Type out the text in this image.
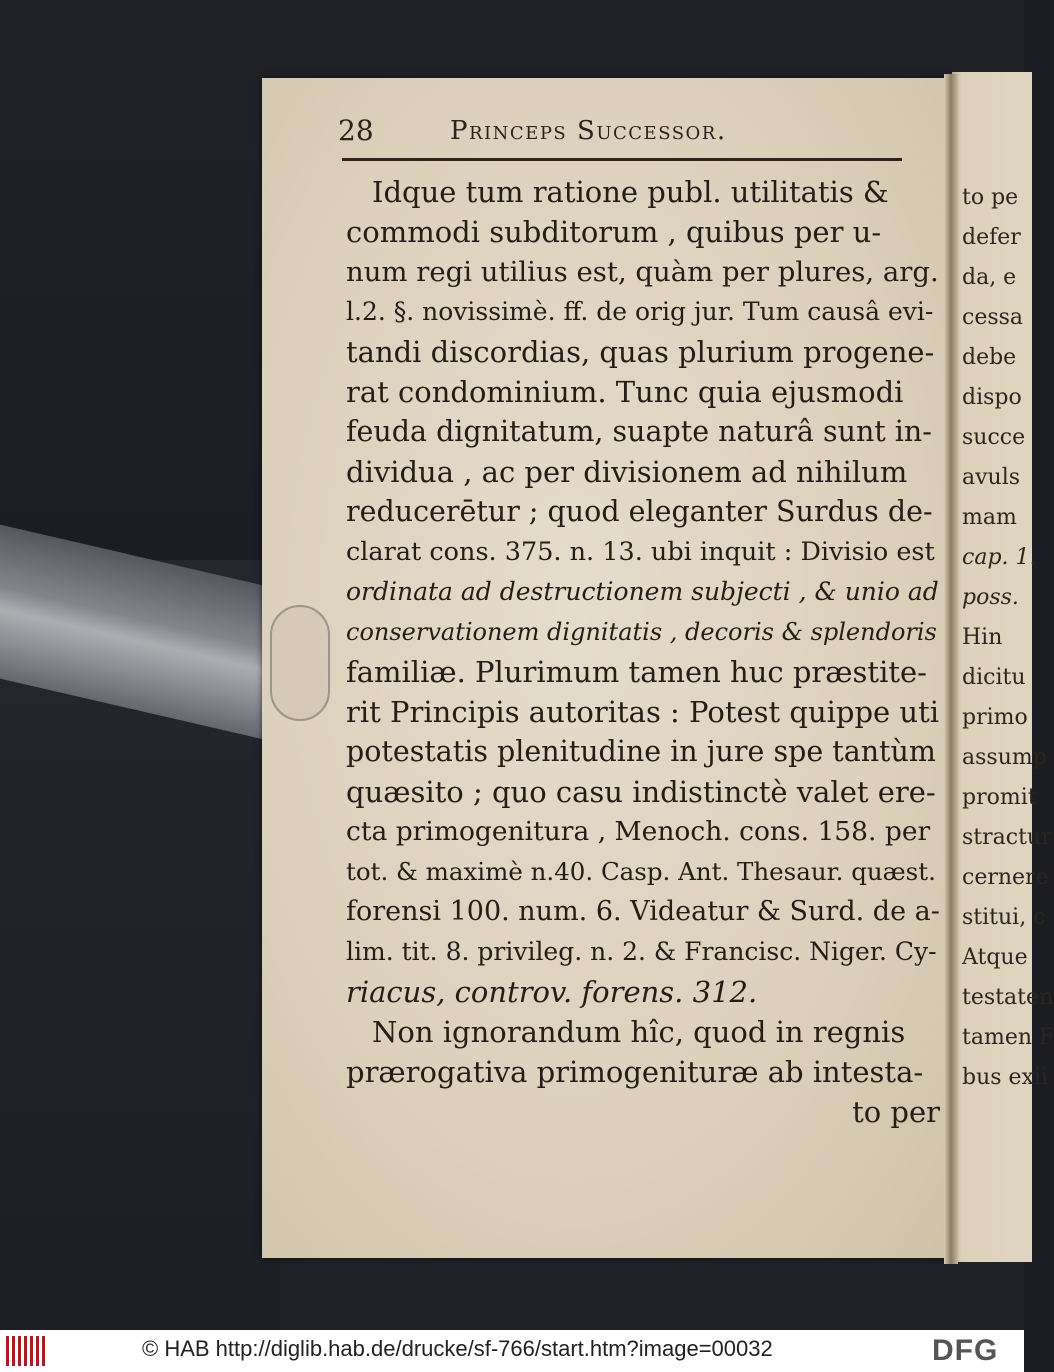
28	Princeps Successor.
Idque tum ratione publ. utilitatis &
commodi subditorum , quibus per u-
num regi utilius est, quàm per plures, arg.
l.2. §. novissimè. ff. de orig jur. Tum causâ evi-
tandi discordias, quas plurium progene-
rat condominium. Tunc quia ejusmodi
feuda dignitatum, suapte naturâ sunt in-
dividua , ac per divisionem ad nihilum
reducerētur ; quod eleganter Surdus de-
clarat cons. 375. n. 13. ubi inquit : Divisio est
ordinata ad destructionem subjecti , & unio ad
conservationem dignitatis , decoris & splendoris
familiæ. Plurimum tamen huc præstite-
rit Principis autoritas : Potest quippe uti
potestatis plenitudine in jure spe tantùm
quæsito ; quo casu indistinctè valet ere-
cta primogenitura , Menoch. cons. 158. per
tot. & maximè n.40. Casp. Ant. Thesaur. quæst.
forensi 100. num. 6. Videatur & Surd. de a-
lim. tit. 8. privileg. n. 2. & Francisc. Niger. Cy-
riacus, controv. forens. 312.
Non ignorandum hîc, quod in regnis
prærogativa primogenituræ ab intesta-
to per
to pe
defer
da, e
cessa
debe
dispo
succe
avuls
mam
cap. 1.
poss.
Hin
dicitu
primo
assump
promit
stractur
cernere
stitui, c
Atque
testaten
tamen F
bus exii
© HAB http://diglib.hab.de/drucke/sf-766/start.htm?image=00032	DFG
